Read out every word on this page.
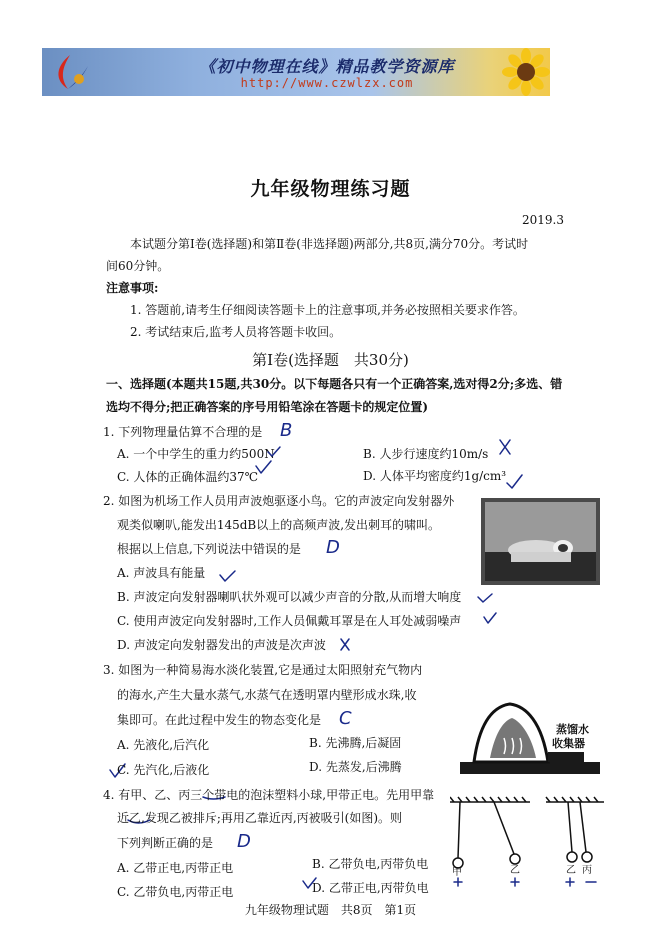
《初中物理在线》精品教学资源库
http://www.czwlzx.com
九年级物理练习题
2019.3
本试题分第Ⅰ卷(选择题)和第Ⅱ卷(非选择题)两部分,共8页,满分70分。考试时
间60分钟。
注意事项:
1. 答题前,请考生仔细阅读答题卡上的注意事项,并务必按照相关要求作答。
2. 考试结束后,监考人员将答题卡收回。
第Ⅰ卷(选择题　共30分)
一、选择题(本题共15题,共30分。以下每题各只有一个正确答案,选对得2分;多选、错
选均不得分;把正确答案的序号用铅笔涂在答题卡的规定位置)
1. 下列物理量估算不合理的是 B
A. 一个中学生的重力约500N	B. 人步行速度约10m/s
C. 人体的正确体温约37℃	D. 人体平均密度约1g/cm³
2. 如图为机场工作人员用声波炮驱逐小鸟。它的声波定向发射器外
观类似喇叭,能发出145dB以上的高频声波,发出刺耳的啸叫。
根据以上信息,下列说法中错误的是 D
A. 声波具有能量
B. 声波定向发射器喇叭状外观可以减少声音的分散,从而增大响度
C. 使用声波定向发射器时,工作人员佩戴耳罩是在人耳处减弱噪声
D. 声波定向发射器发出的声波是次声波
3. 如图为一种简易海水淡化装置,它是通过太阳照射充气物内
的海水,产生大量水蒸气,水蒸气在透明罩内壁形成水珠,收
集即可。在此过程中发生的物态变化是 C
A. 先液化,后汽化	B. 先沸腾,后凝固
C. 先汽化,后液化	D. 先蒸发,后沸腾
蒸馏水
收集器
4. 有甲、乙、丙三个带电的泡沫塑料小球,甲带正电。先用甲靠
近乙,发现乙被排斥;再用乙靠近丙,丙被吸引(如图)。则
下列判断正确的是 D
A. 乙带正电,丙带正电	B. 乙带负电,丙带负电
C. 乙带负电,丙带正电	D. 乙带正电,丙带负电
甲	乙	乙 丙
九年级物理试题　共8页　第1页
